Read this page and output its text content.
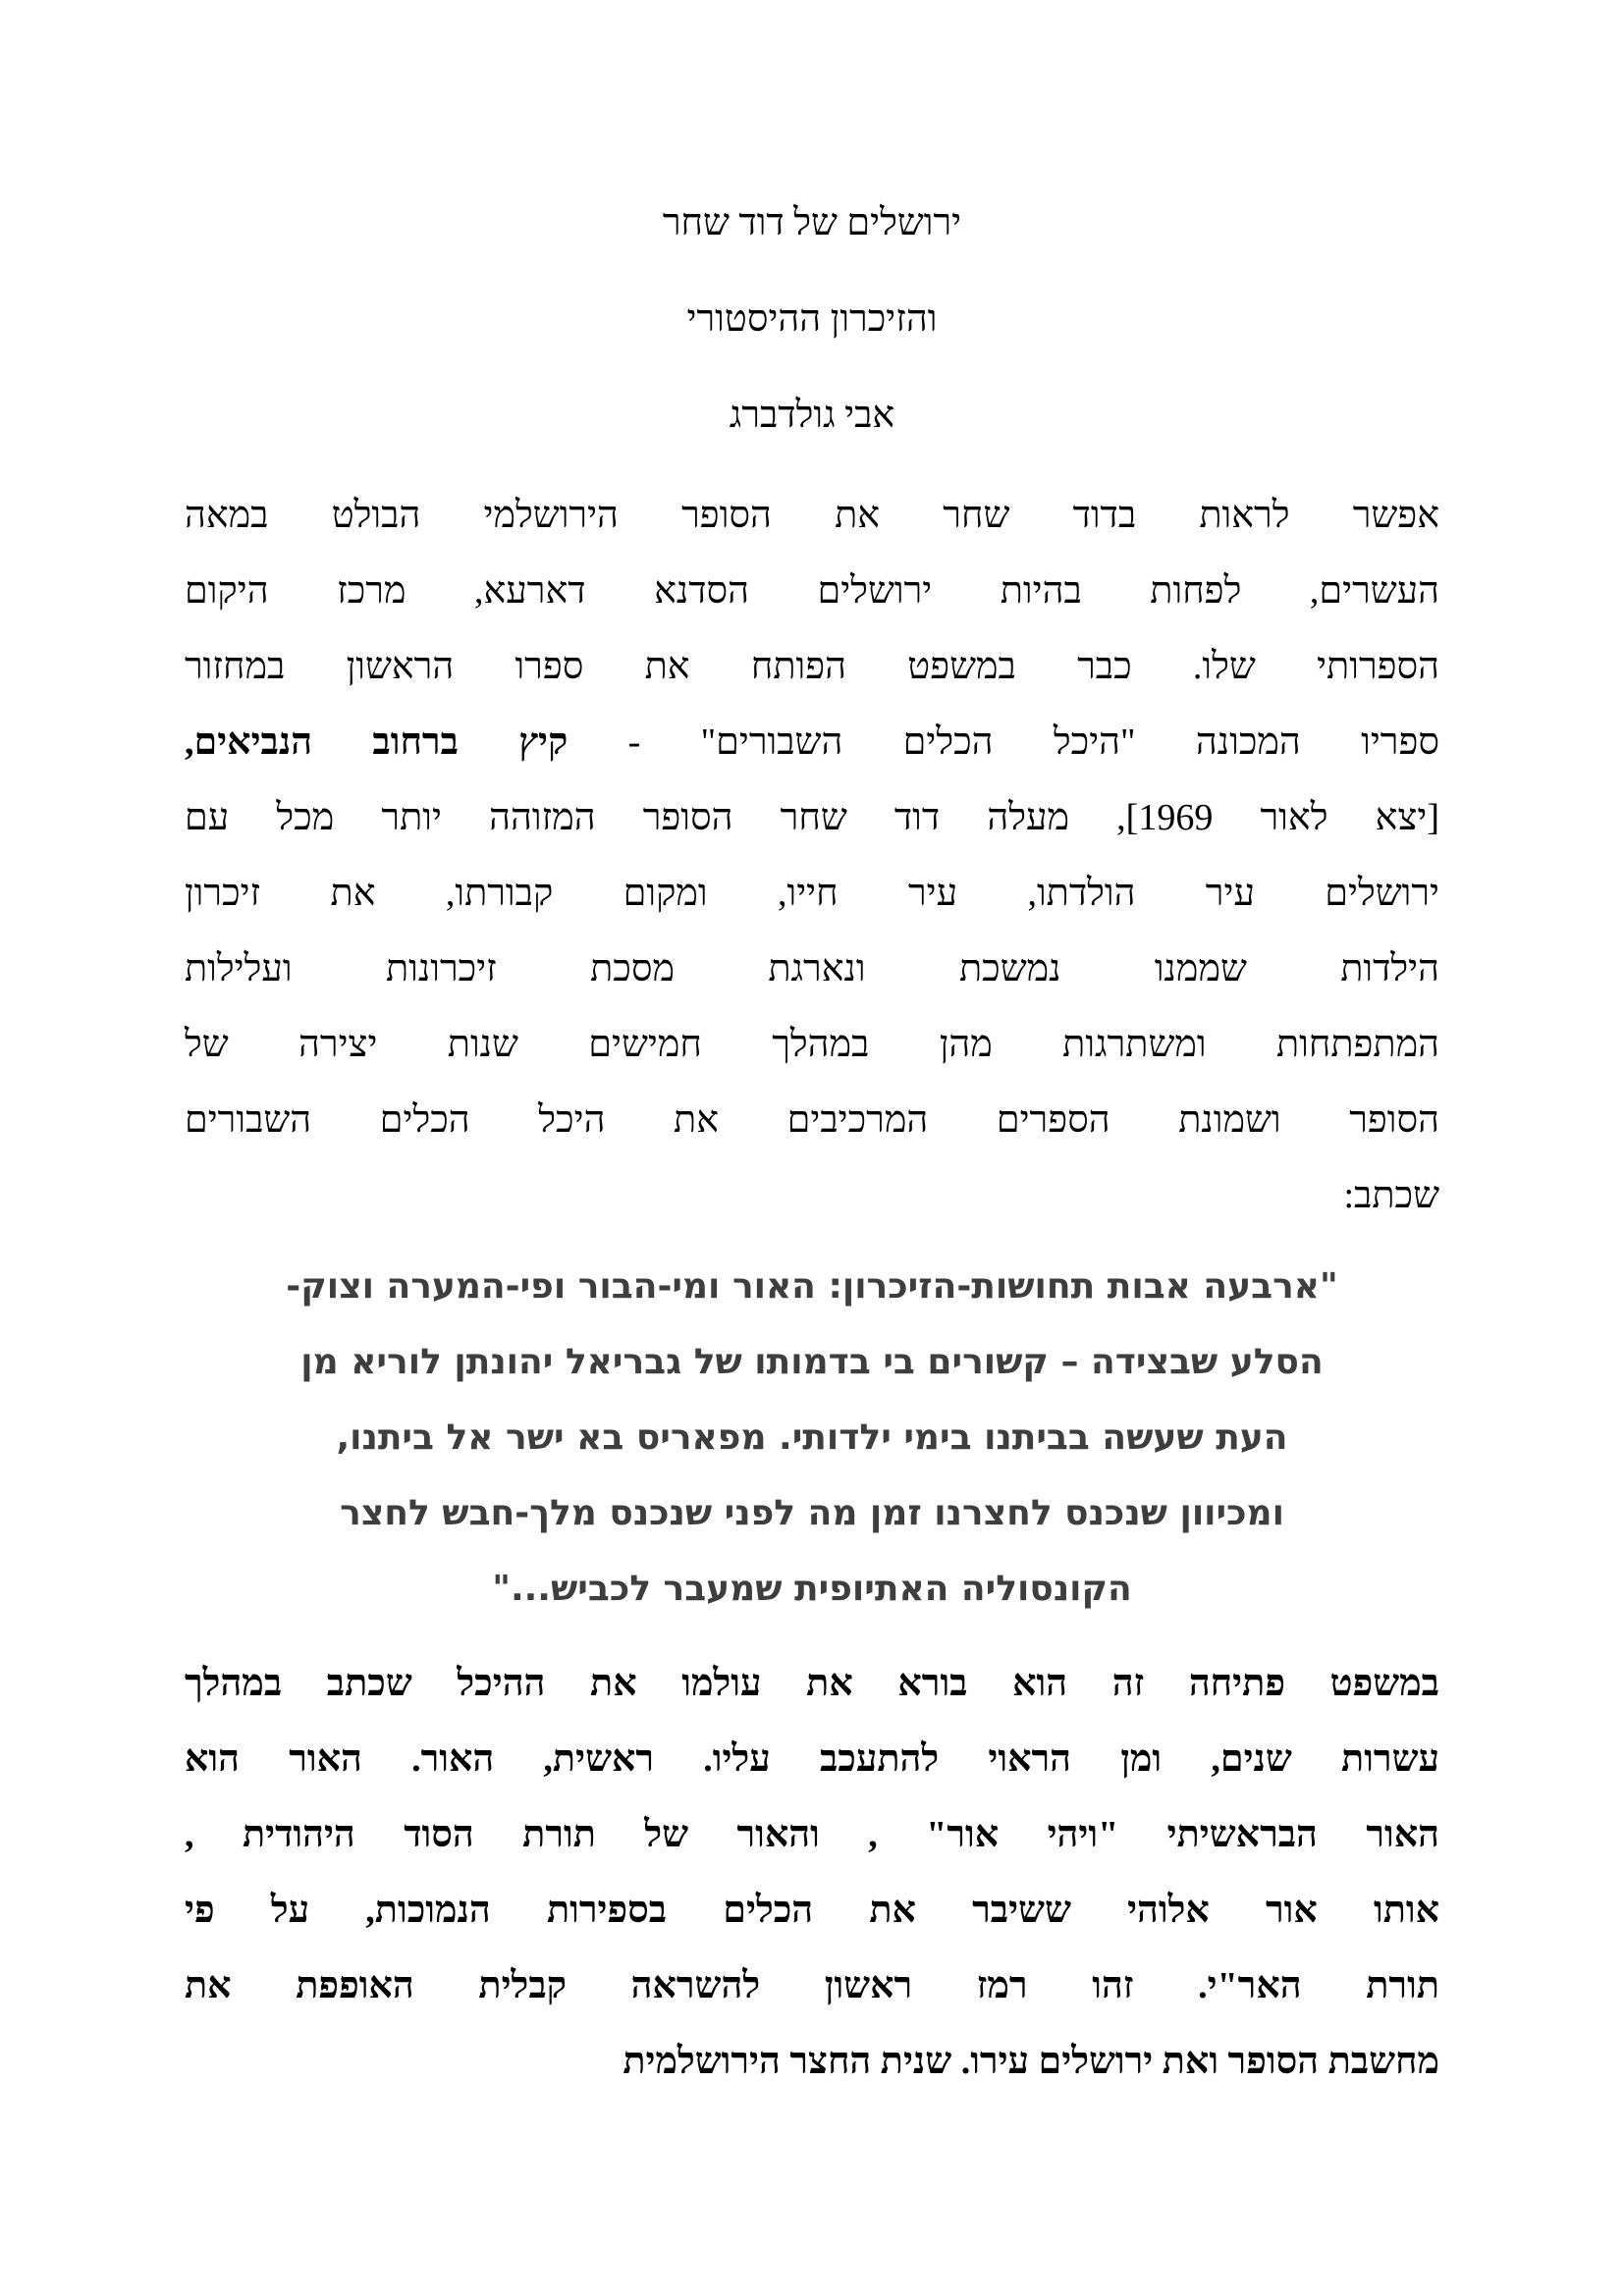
ירושלים של דוד שחר
והזיכרון ההיסטורי
אבי גולדברג
אפשר לראות בדוד שחר את הסופר הירושלמי הבולט במאה
העשרים, לפחות בהיות ירושלים הסדנא דארעא, מרכז היקום
הספרותי שלו. כבר במשפט הפותח את ספרו הראשון במחזור
ספריו המכונה "היכל הכלים השבורים" - קיץ ברחוב הנביאים,
[יצא לאור 1969], מעלה דוד שחר הסופר המזוהה יותר מכל עם
ירושלים עיר הולדתו, עיר חייו, ומקום קבורתו, את זיכרון
הילדות שממנו נמשכת ונארגת מסכת זיכרונות ועלילות
המתפתחות ומשתרגות מהן במהלך חמישים שנות יצירה של
הסופר ושמונת הספרים המרכיבים את היכל הכלים השבורים
שכתב:
"ארבעה אבות תחושות-הזיכרון: האור ומי-הבור ופי-המערה וצוק-
הסלע שבצידה – קשורים בי בדמותו של גבריאל יהונתן לוריא מן
העת שעשה בביתנו בימי ילדותי. מפאריס בא ישר אל ביתנו,
ומכיוון שנכנס לחצרנו זמן מה לפני שנכנס מלך-חבש לחצר
הקונסוליה האתיופית שמעבר לכביש..."
במשפט פתיחה זה הוא בורא את עולמו את ההיכל שכתב במהלך
עשרות שנים, ומן הראוי להתעכב עליו. ראשית, האור. האור הוא
האור הבראשיתי "ויהי אור" , והאור של תורת הסוד היהודית ,
אותו אור אלוהי ששיבר את הכלים בספירות הנמוכות, על פי
תורת האר"י. זהו רמז ראשון להשראה קבלית האופפת את
מחשבת הסופר ואת ירושלים עירו. שנית החצר הירושלמית
